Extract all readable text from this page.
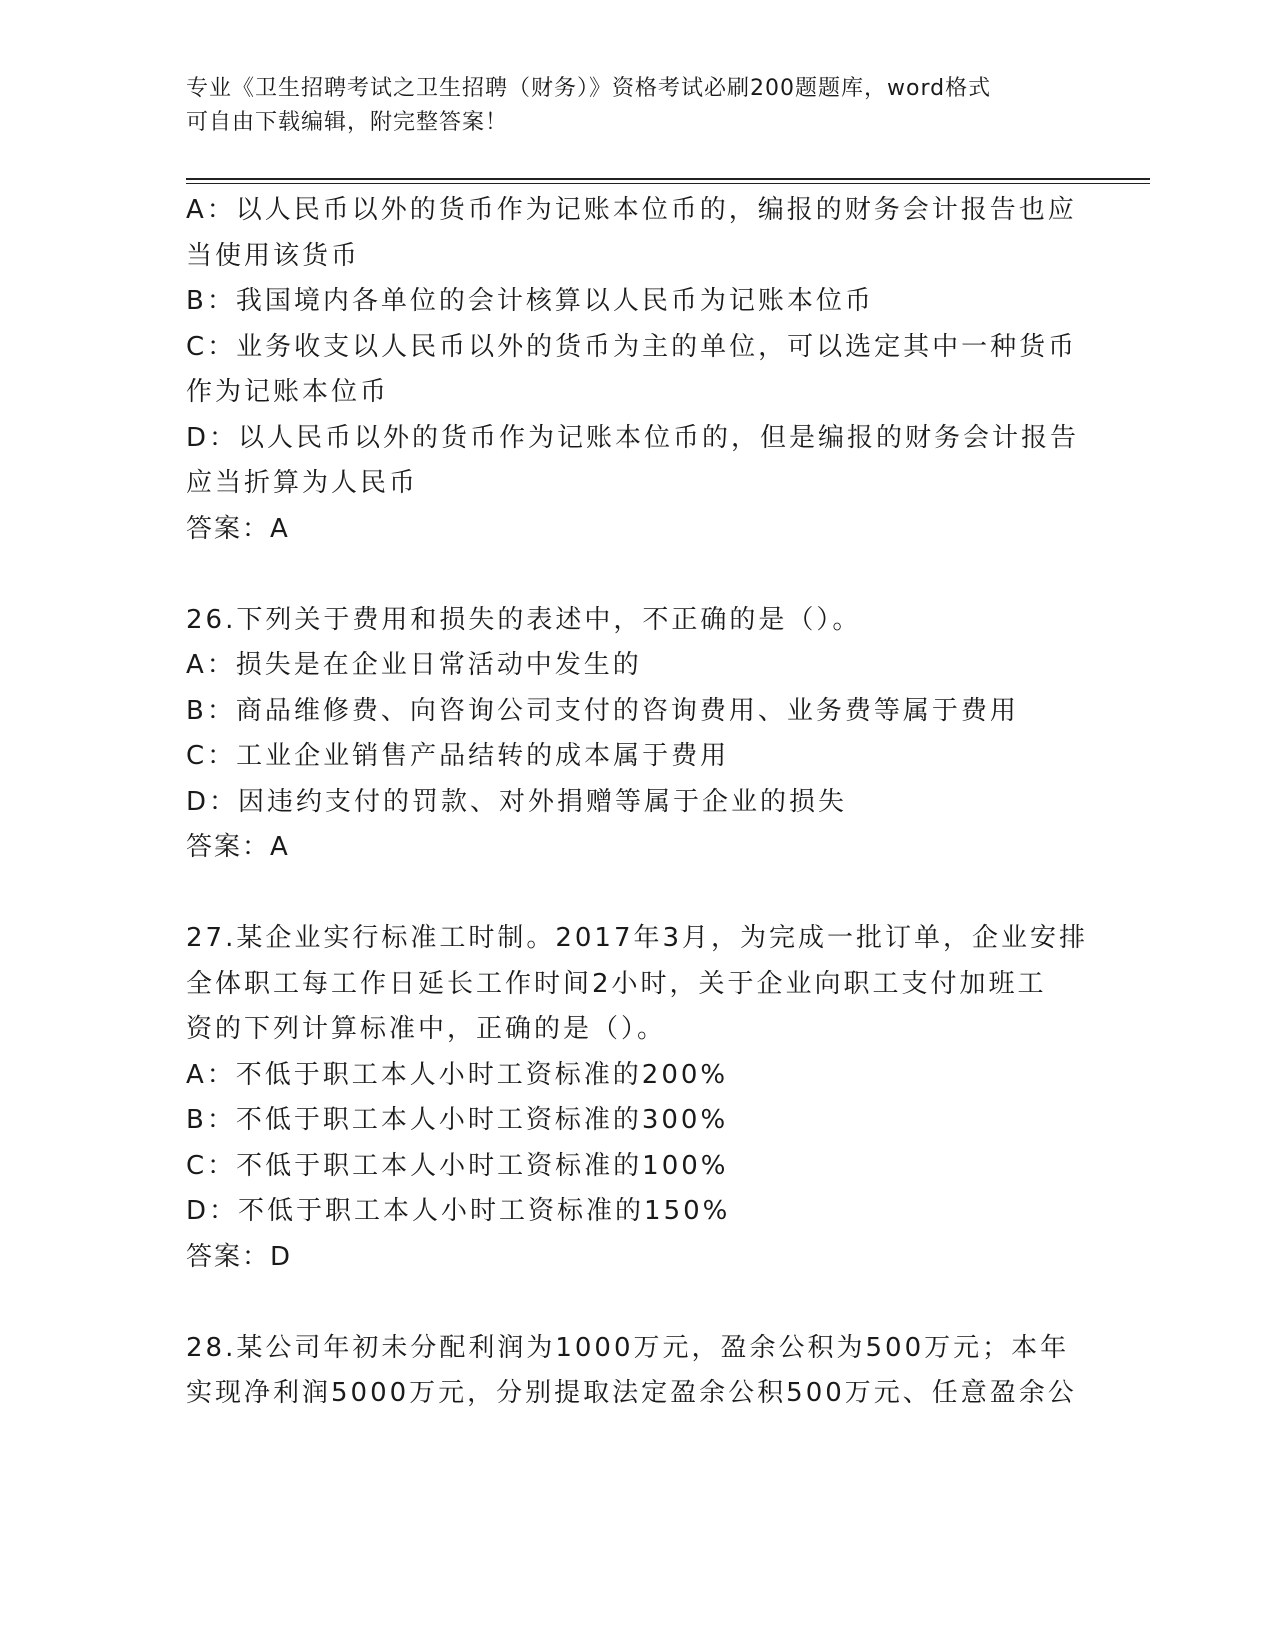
专业《卫生招聘考试之卫生招聘（财务）》资格考试必刷200题题库，word格式
可自由下载编辑，附完整答案！
A：以人民币以外的货币作为记账本位币的，编报的财务会计报告也应
当使用该货币
B：我国境内各单位的会计核算以人民币为记账本位币
C：业务收支以人民币以外的货币为主的单位，可以选定其中一种货币
作为记账本位币
D：以人民币以外的货币作为记账本位币的，但是编报的财务会计报告
应当折算为人民币
答案：A
26.下列关于费用和损失的表述中，不正确的是（）。
A：损失是在企业日常活动中发生的
B：商品维修费、向咨询公司支付的咨询费用、业务费等属于费用
C：工业企业销售产品结转的成本属于费用
D：因违约支付的罚款、对外捐赠等属于企业的损失
答案：A
27.某企业实行标准工时制。2017年3月，为完成一批订单，企业安排
全体职工每工作日延长工作时间2小时，关于企业向职工支付加班工
资的下列计算标准中，正确的是（）。
A：不低于职工本人小时工资标准的200%
B：不低于职工本人小时工资标准的300%
C：不低于职工本人小时工资标准的100%
D：不低于职工本人小时工资标准的150%
答案：D
28.某公司年初未分配利润为1000万元，盈余公积为500万元；本年
实现净利润5000万元，分别提取法定盈余公积500万元、任意盈余公
